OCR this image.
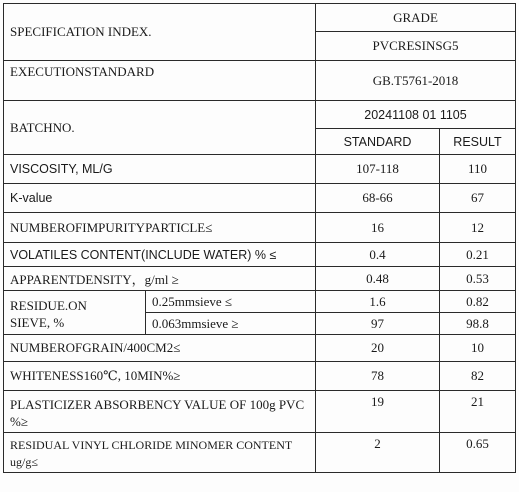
SPECIFICATION INDEX.		GRADE	
		PVCRESINSG5	
EXECUTIONSTANDARD		GB.T5761-2018	
BATCHNO.		20241108 01 1105	
		STANDARD	RESULT
VISCOSITY, ML/G		107-118	110
K-value		68-66	67
NUMBEROFIMPURITYPARTICLE≤		16	12
VOLATILES CONTENT(INCLUDE WATER) % ≤		0.4	0.21
APPARENTDENSITY，g/ml ≥		0.48	0.53
RESIDUE.ON
SIEVE, %	0.25mmsieve ≤	1.6	0.82
	0.063mmsieve ≥	97	98.8
NUMBEROFGRAIN/400CM2≤		20	10
WHITENESS160℃, 10MIN%≥		78	82
PLASTICIZER ABSORBENCY VALUE OF 100g PVC %≥		19	21
RESIDUAL VINYL CHLORIDE MINOMER CONTENT ug/g≤		2	0.65
